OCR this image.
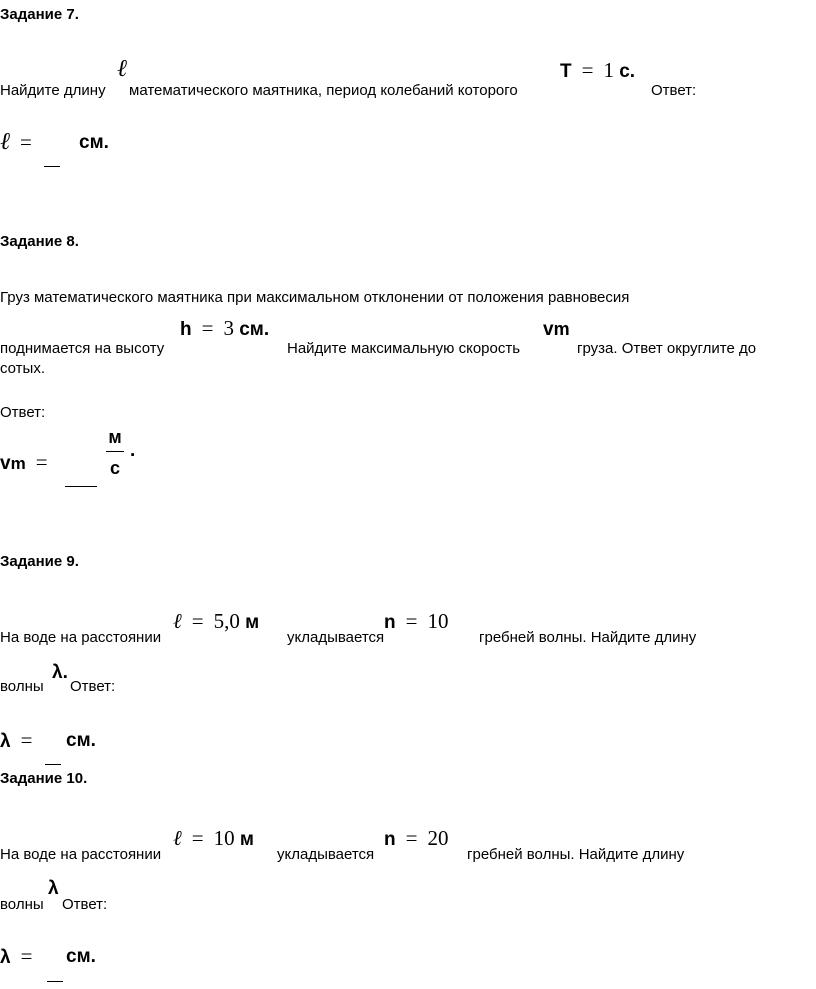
Задание 7.
ℓ
Найдите длину математического маятника, период колебаний которого
T = 1 c.
Ответ:
ℓ =	см.
Задание 8.
Груз математического маятника при максимальном отклонении от положения равновесия
поднимается на высоту
h = 3 см.
Найдите максимальную скорость
vm
груза. Ответ округлите до
сотых.
Ответ:
vm =
м
с
.
Задание 9.
На воде на расстоянии
ℓ = 5,0 м
укладывается
n = 10
гребней волны. Найдите длину
λ.
волны Ответ:
λ =	см.
Задание 10.
На воде на расстоянии
ℓ = 10 м
укладывается
n = 20
гребней волны. Найдите длину
λ
волны Ответ:
λ =	см.
